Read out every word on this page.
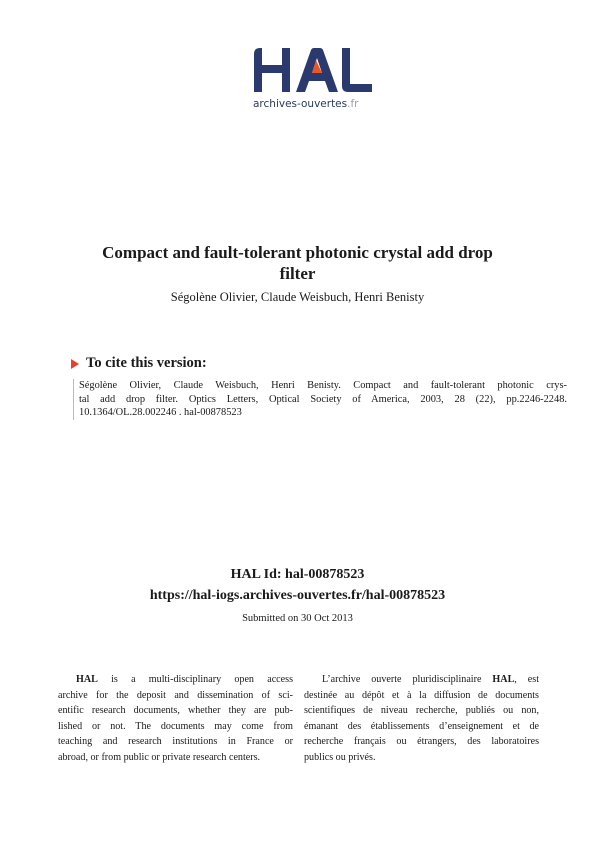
archives-ouvertes.fr
Compact and fault-tolerant photonic crystal add drop
filter
Ségolène Olivier, Claude Weisbuch, Henri Benisty
To cite this version:
Ségolène Olivier, Claude Weisbuch, Henri Benisty. Compact and fault-tolerant photonic crys-
tal add drop filter. Optics Letters, Optical Society of America, 2003, 28 (22), pp.2246-2248.
10.1364/OL.28.002246 . hal-00878523
HAL Id: hal-00878523
https://hal-iogs.archives-ouvertes.fr/hal-00878523
Submitted on 30 Oct 2013
HAL is a multi-disciplinary open access
archive for the deposit and dissemination of sci-
entific research documents, whether they are pub-
lished or not. The documents may come from
teaching and research institutions in France or
abroad, or from public or private research centers.
L’archive ouverte pluridisciplinaire HAL, est
destinée au dépôt et à la diffusion de documents
scientifiques de niveau recherche, publiés ou non,
émanant des établissements d’enseignement et de
recherche français ou étrangers, des laboratoires
publics ou privés.
